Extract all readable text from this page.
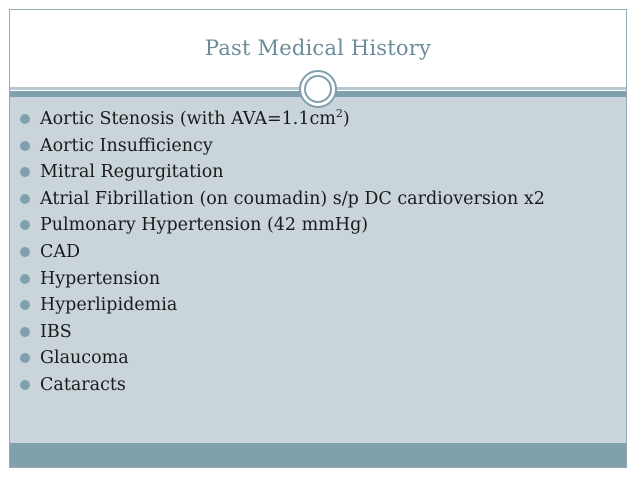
Past Medical History
Aortic Stenosis (with $AVA=1.1cm^2$)
Aortic Insufficiency
Mitral Regurgitation
Atrial Fibrillation (on coumadin) s/p DC cardioversion x2
Pulmonary Hypertension (42 mmHg)
CAD
Hypertension
Hyperlipidemia
IBS
Glaucoma
Cataracts
